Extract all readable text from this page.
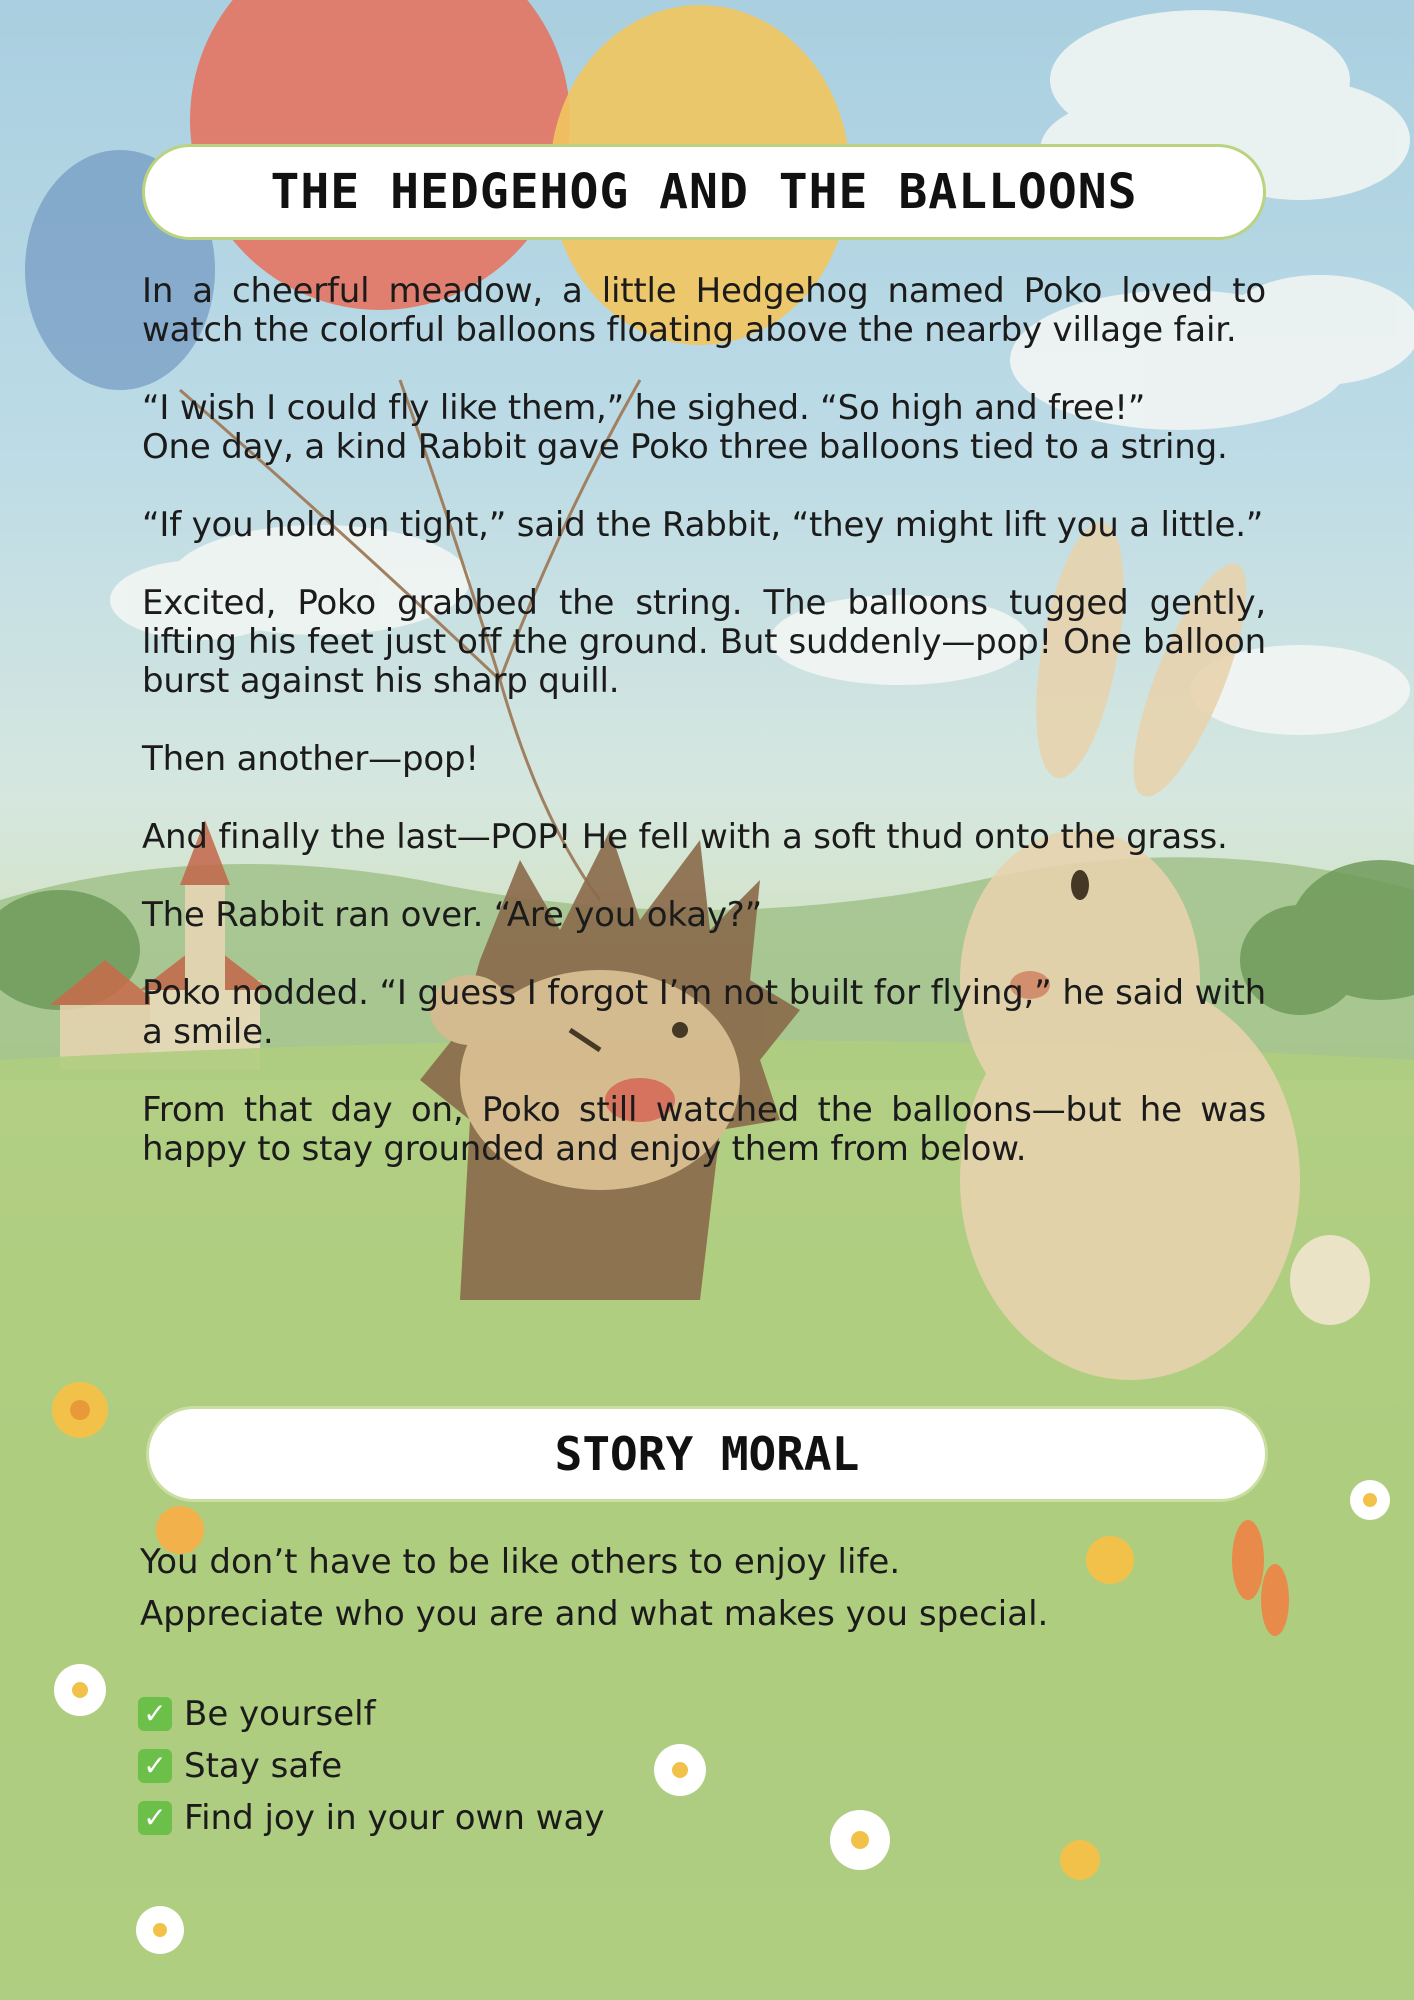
THE HEDGEHOG AND THE BALLOONS

In a cheerful meadow, a little Hedgehog named Poko loved to watch the colorful balloons floating above the nearby village fair.

“I wish I could fly like them,” he sighed. “So high and free!”

One day, a kind Rabbit gave Poko three balloons tied to a string.

“If you hold on tight,” said the Rabbit, “they might lift you a little.”

Excited, Poko grabbed the string. The balloons tugged gently, lifting his feet just off the ground. But suddenly—pop! One balloon burst against his sharp quill.

Then another—pop!

And finally the last—POP! He fell with a soft thud onto the grass.

The Rabbit ran over. “Are you okay?”

Poko nodded. “I guess I forgot I’m not built for flying,” he said with a smile.

From that day on, Poko still watched the balloons—but he was happy to stay grounded and enjoy them from below.

STORY MORAL

You don’t have to be like others to enjoy life.

Appreciate who you are and what makes you special.

✓ Be yourself
✓ Stay safe
✓ Find joy in your own way
